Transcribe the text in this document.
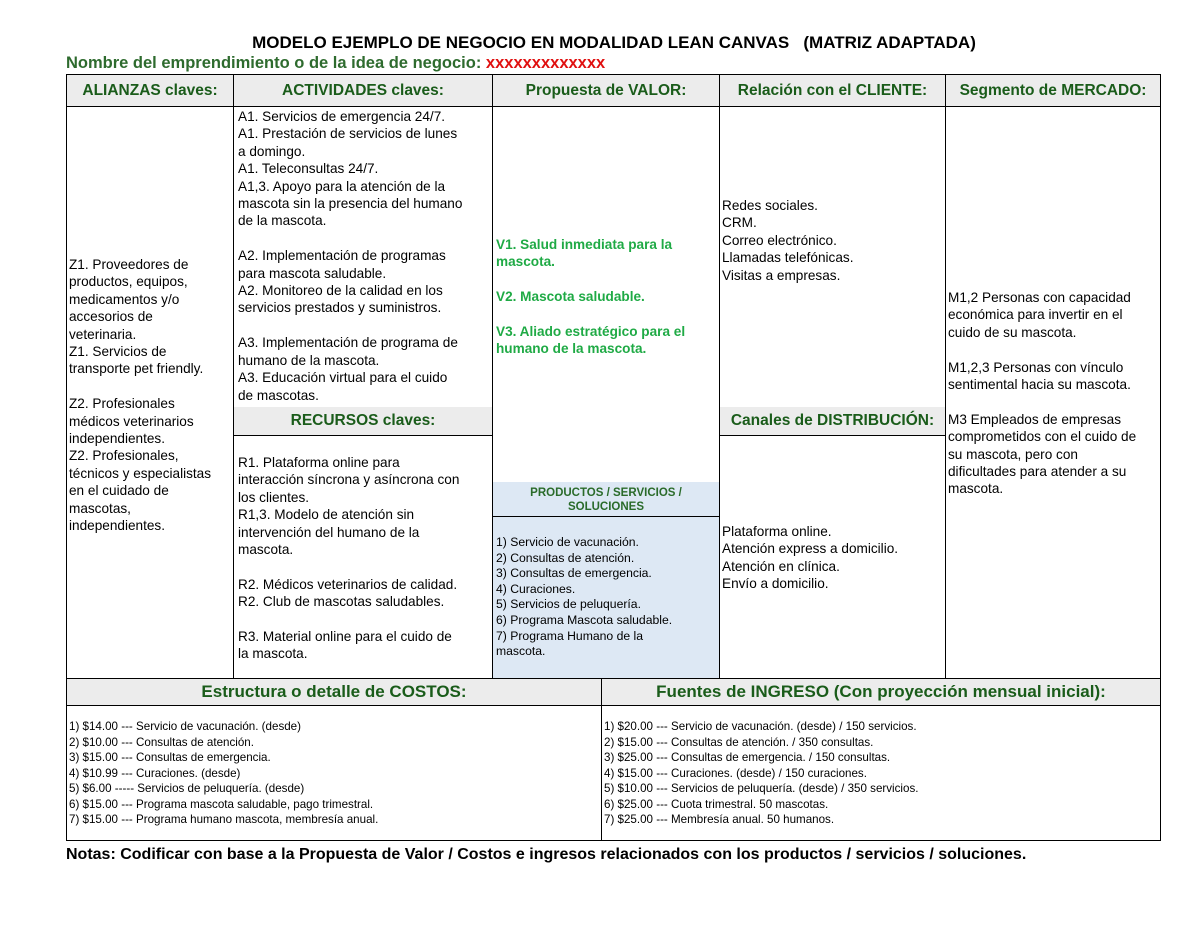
MODELO EJEMPLO DE NEGOCIO EN MODALIDAD LEAN CANVAS   (MATRIZ ADAPTADA)
Nombre del emprendimiento o de la idea de negocio: xxxxxxxxxxxxx
ALIANZAS claves:	ACTIVIDADES claves:	Propuesta de VALOR:	Relación con el CLIENTE:	Segmento de MERCADO:
Z1. Proveedores de
productos, equipos,
medicamentos y/o
accesorios de
veterinaria.
Z1. Servicios de
transporte pet friendly.

Z2. Profesionales
médicos veterinarios
independientes.
Z2. Profesionales,
técnicos y especialistas
en el cuidado de
mascotas,
independientes.
A1. Servicios de emergencia 24/7.
A1. Prestación de servicios de lunes
a domingo.
A1. Teleconsultas 24/7.
A1,3. Apoyo para la atención de la
mascota sin la presencia del humano
de la mascota.

A2. Implementación de programas
para mascota saludable.
A2. Monitoreo de la calidad en los
servicios prestados y suministros.

A3. Implementación de programa de
humano de la mascota.
A3. Educación virtual para el cuido
de mascotas.
RECURSOS claves:
R1. Plataforma online para
interacción síncrona y asíncrona con
los clientes.
R1,3. Modelo de atención sin
intervención del humano de la
mascota.

R2. Médicos veterinarios de calidad.
R2. Club de mascotas saludables.

R3. Material online para el cuido de
la mascota.
V1. Salud inmediata para la
mascota.

V2. Mascota saludable.

V3. Aliado estratégico para el
humano de la mascota.
PRODUCTOS / SERVICIOS /
SOLUCIONES
1) Servicio de vacunación.
2) Consultas de atención.
3) Consultas de emergencia.
4) Curaciones.
5) Servicios de peluquería.
6) Programa Mascota saludable.
7) Programa Humano de la
mascota.
Redes sociales.
CRM.
Correo electrónico.
Llamadas telefónicas.
Visitas a empresas.
Canales de DISTRIBUCIÓN:
Plataforma online.
Atención express a domicilio.
Atención en clínica.
Envío a domicilio.
M1,2 Personas con capacidad
económica para invertir en el
cuido de su mascota.

M1,2,3 Personas con vínculo
sentimental hacia su mascota.

M3 Empleados de empresas
comprometidos con el cuido de
su mascota, pero con
dificultades para atender a su
mascota.
Estructura o detalle de COSTOS:	Fuentes de INGRESO (Con proyección mensual inicial):
1) $14.00 --- Servicio de vacunación. (desde)
2) $10.00 --- Consultas de atención.
3) $15.00 --- Consultas de emergencia.
4) $10.99 --- Curaciones. (desde)
5) $6.00 ----- Servicios de peluquería. (desde)
6) $15.00 --- Programa mascota saludable, pago trimestral.
7) $15.00 --- Programa humano mascota, membresía anual.
1) $20.00 --- Servicio de vacunación. (desde) / 150 servicios.
2) $15.00 --- Consultas de atención. / 350 consultas.
3) $25.00 --- Consultas de emergencia. / 150 consultas.
4) $15.00 --- Curaciones. (desde) / 150 curaciones.
5) $10.00 --- Servicios de peluquería. (desde) / 350 servicios.
6) $25.00 --- Cuota trimestral. 50 mascotas.
7) $25.00 --- Membresía anual. 50 humanos.
Notas: Codificar con base a la Propuesta de Valor / Costos e ingresos relacionados con los productos / servicios / soluciones.
